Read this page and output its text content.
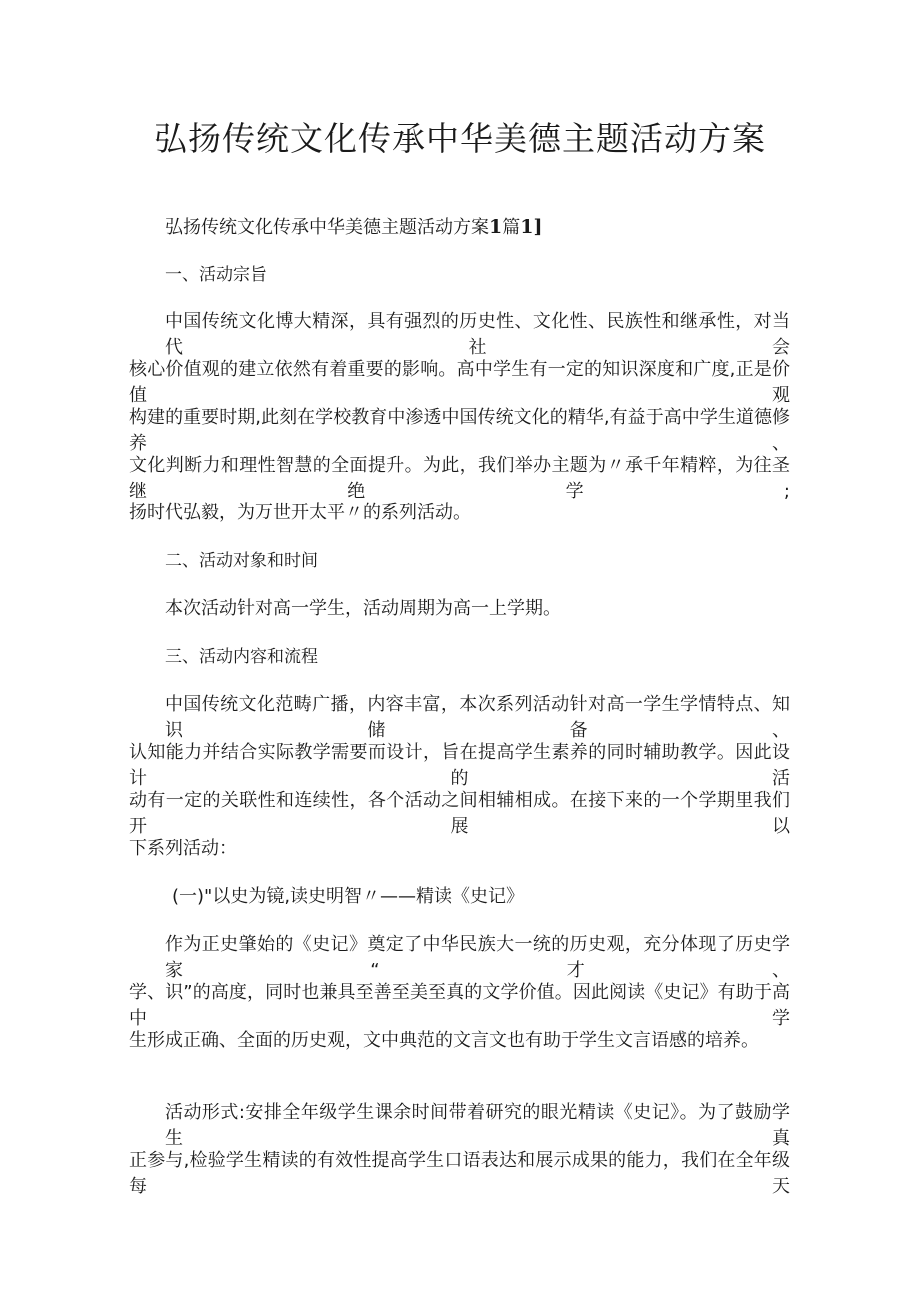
弘扬传统文化传承中华美德主题活动方案

弘扬传统文化传承中华美德主题活动方案1篇1]

一、活动宗旨

中国传统文化博大精深，具有强烈的历史性、文化性、民族性和继承性，对当代社会

核心价值观的建立依然有着重要的影响。高中学生有一定的知识深度和广度,正是价值观

构建的重要时期,此刻在学校教育中渗透中国传统文化的精华,有益于高中学生道德修养、

文化判断力和理性智慧的全面提升。为此，我们举办主题为〃承千年精粹，为往圣继绝学;

扬时代弘毅，为万世开太平〃的系列活动。

二、活动对象和时间

本次活动针对高一学生，活动周期为高一上学期。

三、活动内容和流程

中国传统文化范畴广播，内容丰富，本次系列活动针对高一学生学情特点、知识储备、

认知能力并结合实际教学需要而设计，旨在提高学生素养的同时辅助教学。因此设计的活

动有一定的关联性和连续性，各个活动之间相辅相成。在接下来的一个学期里我们开展以

下系列活动：

(一)"以史为镜,读史明智〃——精读《史记》

作为正史肇始的《史记》奠定了中华民族大一统的历史观，充分体现了历史学家“才、

学、识”的高度，同时也兼具至善至美至真的文学价值。因此阅读《史记》有助于高中学

生形成正确、全面的历史观，文中典范的文言文也有助于学生文言语感的培养。

活动形式:安排全年级学生课余时间带着研究的眼光精读《史记》。为了鼓励学生真

正参与,检验学生精读的有效性提高学生口语表达和展示成果的能力，我们在全年级每天
